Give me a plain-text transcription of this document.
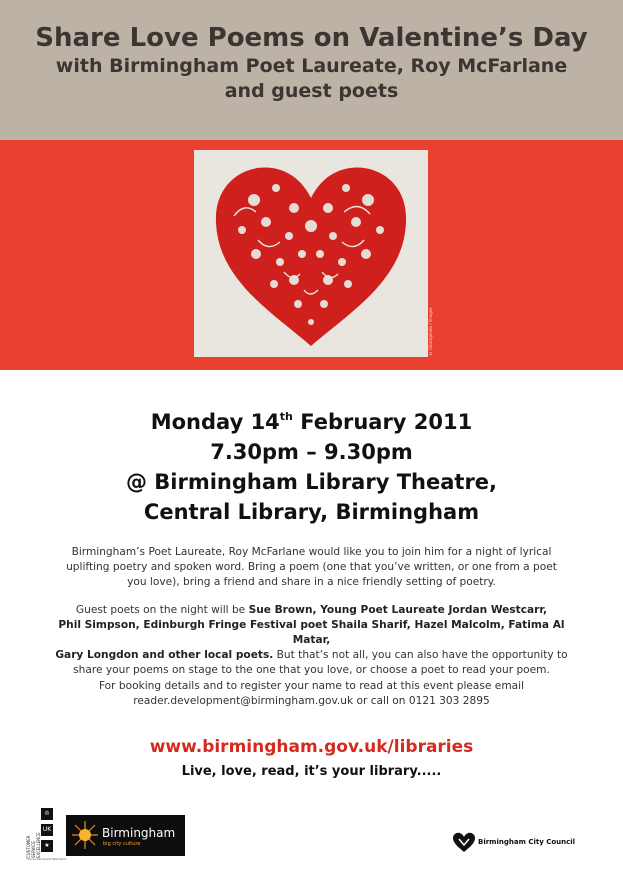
Share Love Poems on Valentine’s Day
with Birmingham Poet Laureate, Roy McFarlane
and guest poets
© iStockphoto / Images
Monday 14th February 2011
7.30pm – 9.30pm
@ Birmingham Library Theatre,
Central Library, Birmingham
Birmingham’s Poet Laureate, Roy McFarlane would like you to join him for a night of lyrical
uplifting poetry and spoken word. Bring a poem (one that you’ve written, or one from a poet
you love), bring a friend and share in a nice friendly setting of poetry.
Guest poets on the night will be Sue Brown, Young Poet Laureate Jordan Westcarr,
Phil Simpson, Edinburgh Fringe Festival poet Shaila Sharif, Hazel Malcolm, Fatima Al Matar,
Gary Longdon and other local poets. But that’s not all, you can also have the opportunity to
share your poems on stage to the one that you love, or choose a poet to read your poem.
For booking details and to register your name to read at this event please email
reader.development@birmingham.gov.uk or call on 0121 303 2895
www.birmingham.gov.uk/libraries
Live, love, read, it’s your library.....
CUSTOMER SERVICE EXCELLENCE
♔
UK
★
The Government Standard
Birmingham
big city culture	Birmingham City Council
